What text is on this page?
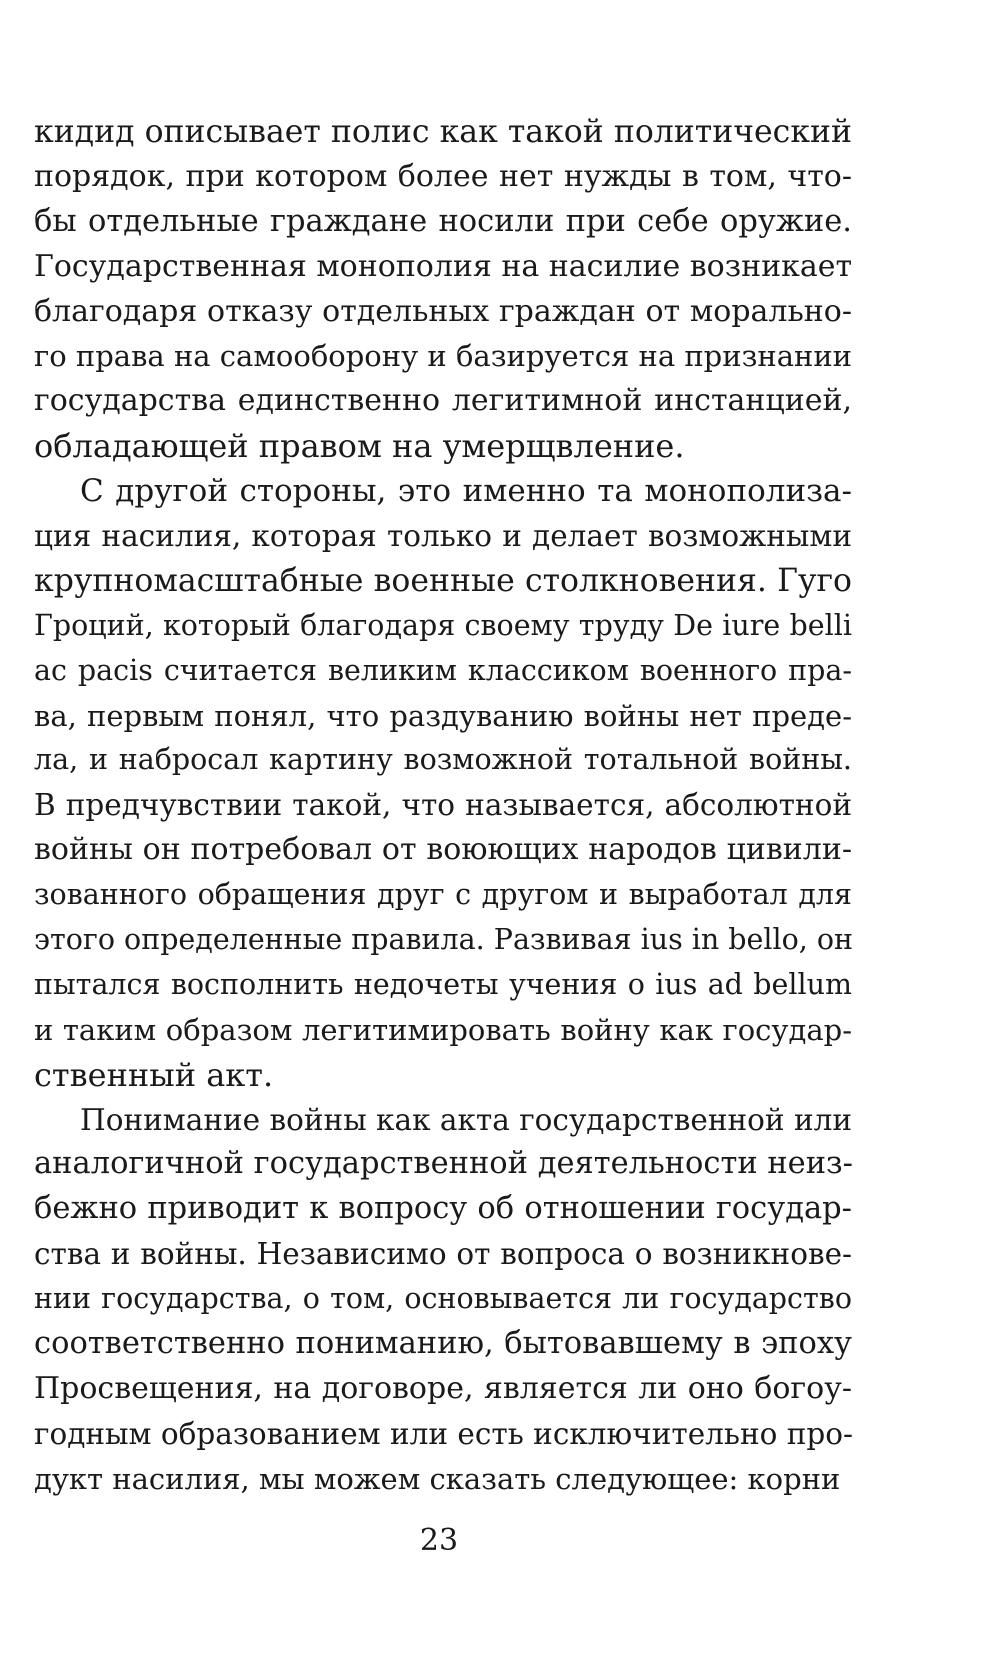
кидид описывает полис как такой политический
порядок, при котором более нет нужды в том, что-
бы отдельные граждане носили при себе оружие.
Государственная монополия на насилие возникает
благодаря отказу отдельных граждан от морально-
го права на самооборону и базируется на признании
государства единственно легитимной инстанцией,
обладающей правом на умерщвление.
С другой стороны, это именно та монополиза-
ция насилия, которая только и делает возможными
крупномасштабные военные столкновения. Гуго
Гроций, который благодаря своему труду De iure belli
ac pacis считается великим классиком военного пра-
ва, первым понял, что раздуванию войны нет преде-
ла, и набросал картину возможной тотальной войны.
В предчувствии такой, что называется, абсолютной
войны он потребовал от воюющих народов цивили-
зованного обращения друг с другом и выработал для
этого определенные правила. Развивая ius in bello, он
пытался восполнить недочеты учения о ius ad bellum
и таким образом легитимировать войну как государ-
ственный акт.
Понимание войны как акта государственной или
аналогичной государственной деятельности неиз-
бежно приводит к вопросу об отношении государ-
ства и войны. Независимо от вопроса о возникнове-
нии государства, о том, основывается ли государство
соответственно пониманию, бытовавшему в эпоху
Просвещения, на договоре, является ли оно богоу-
годным образованием или есть исключительно про-
дукт насилия, мы можем сказать следующее: корни
23
